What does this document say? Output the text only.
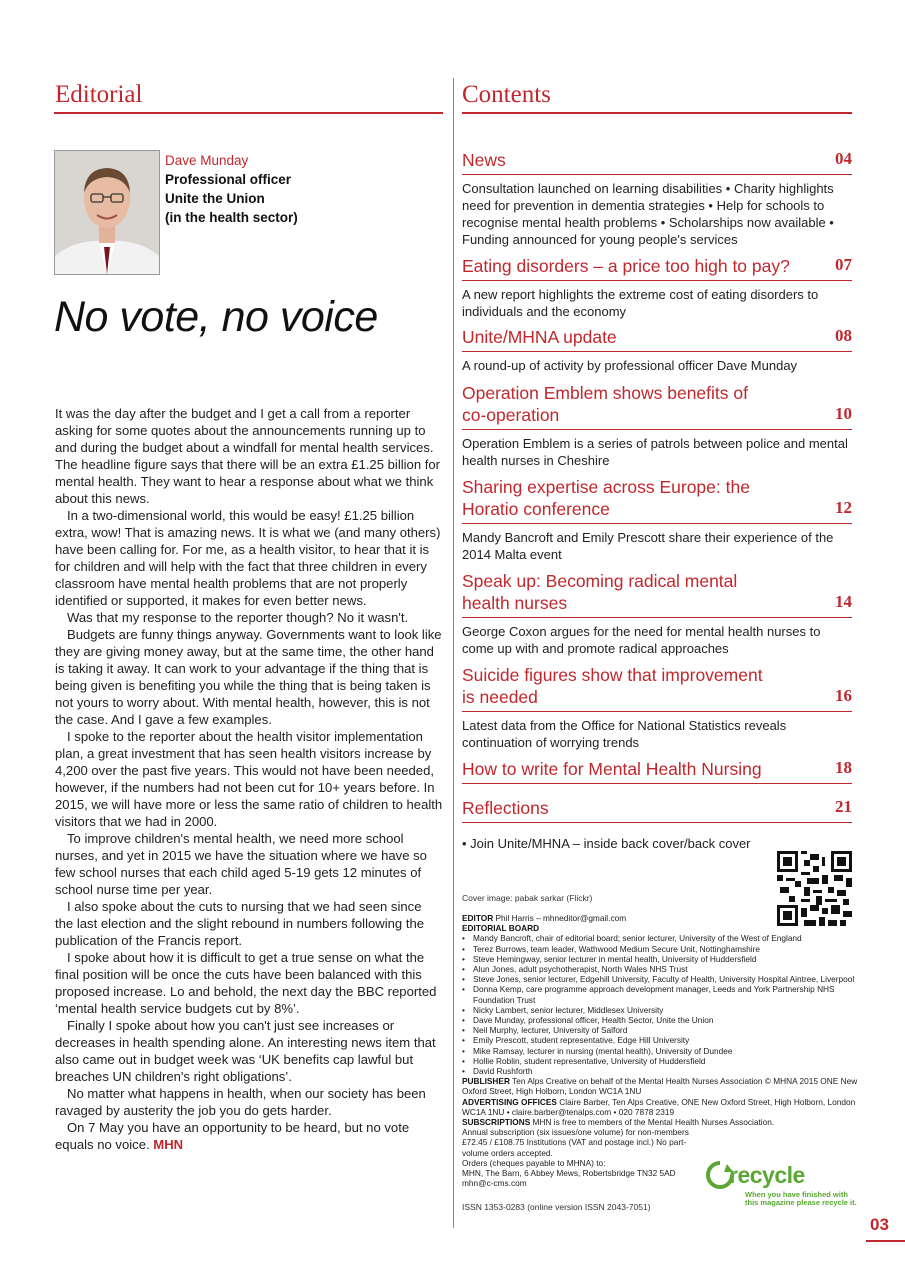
Editorial
Dave Munday
Professional officer
Unite the Union
(in the health sector)
No vote, no voice

It was the day after the budget and I get a call from a reporter asking for some quotes about the announcements running up to and during the budget about a windfall for mental health services. The headline figure says that there will be an extra £1.25 billion for mental health. They want to hear a response about what we think about this news.

In a two-dimensional world, this would be easy! £1.25 billion extra, wow! That is amazing news. It is what we (and many others) have been calling for. For me, as a health visitor, to hear that it is for children and will help with the fact that three children in every classroom have mental health problems that are not properly identified or supported, it makes for even better news.

Was that my response to the reporter though? No it wasn't.

Budgets are funny things anyway. Governments want to look like they are giving money away, but at the same time, the other hand is taking it away. It can work to your advantage if the thing that is being given is benefiting you while the thing that is being taken is not yours to worry about. With mental health, however, this is not the case. And I gave a few examples.

I spoke to the reporter about the health visitor implementation plan, a great investment that has seen health visitors increase by 4,200 over the past five years. This would not have been needed, however, if the numbers had not been cut for 10+ years before. In 2015, we will have more or less the same ratio of children to health visitors that we had in 2000.

To improve children's mental health, we need more school nurses, and yet in 2015 we have the situation where we have so few school nurses that each child aged 5-19 gets 12 minutes of school nurse time per year.

I also spoke about the cuts to nursing that we had seen since the last election and the slight rebound in numbers following the publication of the Francis report.

I spoke about how it is difficult to get a true sense on what the final position will be once the cuts have been balanced with this proposed increase. Lo and behold, the next day the BBC reported ‘mental health service budgets cut by 8%’.

Finally I spoke about how you can't just see increases or decreases in health spending alone. An interesting news item that also came out in budget week was ‘UK benefits cap lawful but breaches UN children's right obligations’.

No matter what happens in health, when our society has been ravaged by austerity the job you do gets harder.

On 7 May you have an opportunity to be heard, but no vote equals no voice. MHN

Contents
04
News
Consultation launched on learning disabilities • Charity highlights need for prevention in dementia strategies • Help for schools to recognise mental health problems • Scholarships now available • Funding announced for young people's services
07
Eating disorders – a price too high to pay?
A new report highlights the extreme cost of eating disorders to individuals and the economy
08
Unite/MHNA update
A round-up of activity by professional officer Dave Munday
10
Operation Emblem shows benefits of co-operation
Operation Emblem is a series of patrols between police and mental health nurses in Cheshire
12
Sharing expertise across Europe: the Horatio conference
Mandy Bancroft and Emily Prescott share their experience of the 2014 Malta event
14
Speak up: Becoming radical mental health nurses
George Coxon argues for the need for mental health nurses to come up with and promote radical approaches
16
Suicide figures show that improvement is needed
Latest data from the Office for National Statistics reveals continuation of worrying trends
18
How to write for Mental Health Nursing
21
Reflections
• Join Unite/MHNA – inside back cover/back cover
Cover image: pabak sarkar (Flickr)
EDITOR Phil Harris – mhneditor@gmail.com
EDITORIAL BOARD
• Mandy Bancroft, chair of editorial board; senior lecturer, University of the West of England
• Terez Burrows, team leader, Wathwood Medium Secure Unit, Nottinghamshire
• Steve Hemingway, senior lecturer in mental health, University of Huddersfield
• Alun Jones, adult psychotherapist, North Wales NHS Trust
• Steve Jones, senior lecturer, Edgehill University, Faculty of Health, University Hospital Aintree, Liverpool
• Donna Kemp, care programme approach development manager, Leeds and York Partnership NHS Foundation Trust
• Nicky Lambert, senior lecturer, Middlesex University
• Dave Munday, professional officer, Health Sector, Unite the Union
• Neil Murphy, lecturer, University of Salford
• Emily Prescott, student representative, Edge Hill University
• Mike Ramsay, lecturer in nursing (mental health), University of Dundee
• Hollie Roblin, student representative, University of Huddersfield
• David Rushforth
PUBLISHER Ten Alps Creative on behalf of the Mental Health Nurses Association © MHNA 2015 ONE New Oxford Street, High Holborn, London WC1A 1NU
ADVERTISING OFFICES Claire Barber, Ten Alps Creative, ONE New Oxford Street, High Holborn, London WC1A 1NU • claire.barber@tenalps.com • 020 7878 2319
SUBSCRIPTIONS MHN is free to members of the Mental Health Nurses Association.
Annual subscription (six issues/one volume) for non-members £72.45 / £108.75 Institutions (VAT and postage incl.) No part-volume orders accepted.
Orders (cheques payable to MHNA) to:
MHN, The Barn, 6 Abbey Mews, Robertsbridge TN32 5AD
mhn@c-cms.com	recycle
When you have finished with this magazine please recycle it.
ISSN 1353-0283 (online version ISSN 2043-7051)
03
